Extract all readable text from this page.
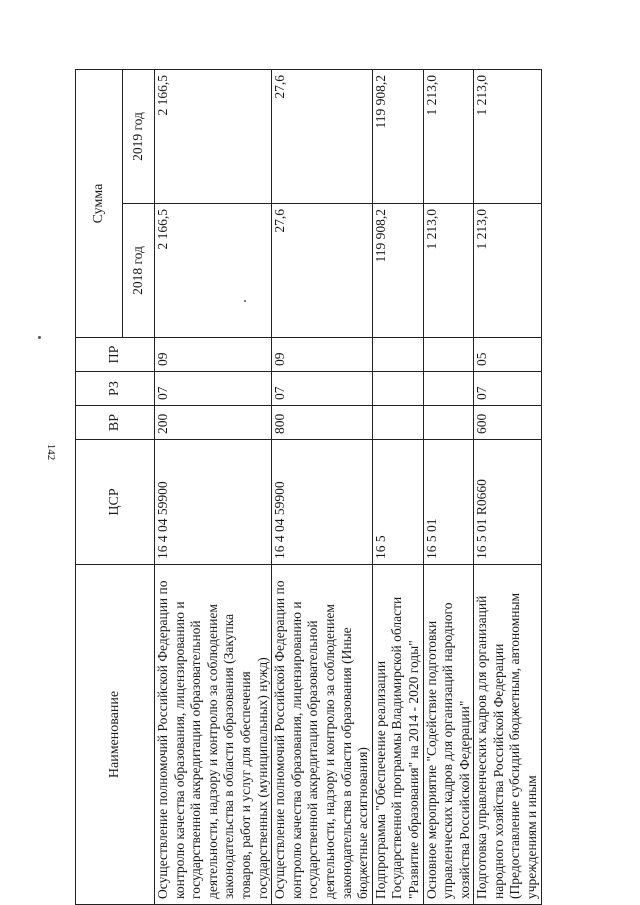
142
Наименование	ЦСР	ВР	РЗ	ПР	Сумма	
					2018 год	2019 год
Осуществление полномочий Российской Федерации по контролю качества образования, лицензированию и государственной аккредитации образовательной деятельности, надзору и контролю за соблюдением законодательства в области образования (Закупка товаров, работ и услуг для обеспечения государственных (муниципальных) нужд)	16 4 04 59900	200	07	09	2 166,5	2 166,5
Осуществление полномочий Российской Федерации по контролю качества образования, лицензированию и государственной аккредитации образовательной деятельности, надзору и контролю за соблюдением законодательства в области образования (Иные бюджетные ассигнования)	16 4 04 59900	800	07	09	27,6	27,6
Подпрограмма "Обеспечение реализации Государственной программы Владимирской области "Развитие образования" на 2014 - 2020 годы"	16 5				119 908,2	119 908,2
Основное мероприятие "Содействие подготовки управленческих кадров для организаций народного хозяйства Российской Федерации"	16 5 01				1 213,0	1 213,0
Подготовка управленческих кадров для организаций народного хозяйства Российской Федерации (Предоставление субсидий бюджетным, автономным учреждениям и иным	16 5 01 R0660	600	07	05	1 213,0	1 213,0
